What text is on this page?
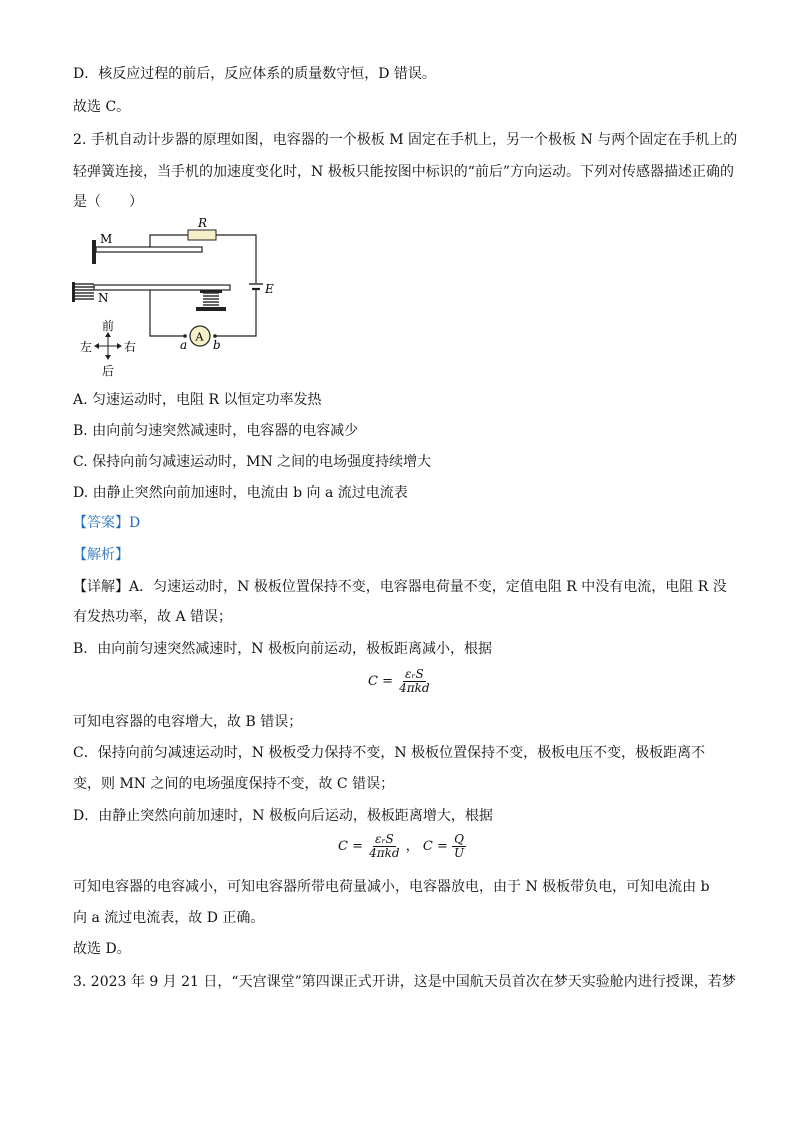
D．核反应过程的前后，反应体系的质量数守恒，D 错误。
故选 C。
2. 手机自动计步器的原理如图，电容器的一个极板 M 固定在手机上，另一个极板 N 与两个固定在手机上的
轻弹簧连接，当手机的加速度变化时，N 极板只能按图中标识的“前后”方向运动。下列对传感器描述正确的
是（　　）
M
R
E
N
A
a b
前
后
左	右
A. 匀速运动时，电阻 R 以恒定功率发热
B. 由向前匀速突然减速时，电容器的电容减少
C. 保持向前匀减速运动时，MN 之间的电场强度持续增大
D. 由静止突然向前加速时，电流由 b 向 a 流过电流表
【答案】D
【解析】
【详解】A．匀速运动时，N 极板位置保持不变，电容器电荷量不变，定值电阻 R 中没有电流，电阻 R 没
有发热功率，故 A 错误；
B．由向前匀速突然减速时，N 极板向前运动，极板距离减小，根据
$C = \frac{\text{εᵣS}}{\text{4πkd}}$
可知电容器的电容增大，故 B 错误；
C．保持向前匀减速运动时，N 极板受力保持不变，N 极板位置保持不变，极板电压不变，极板距离不
变，则 MN 之间的电场强度保持不变，故 C 错误；
D．由静止突然向前加速时，N 极板向后运动，极板距离增大，根据
$C = \frac{\text{εᵣS}}{\text{4πkd}}$ ， $C = \frac{Q}{U}$
可知电容器的电容减小，可知电容器所带电荷量减小，电容器放电，由于 N 极板带负电，可知电流由 b
向 a 流过电流表，故 D 正确。
故选 D。
3. 2023 年 9 月 21 日，“天宫课堂”第四课正式开讲，这是中国航天员首次在梦天实验舱内进行授课，若梦
